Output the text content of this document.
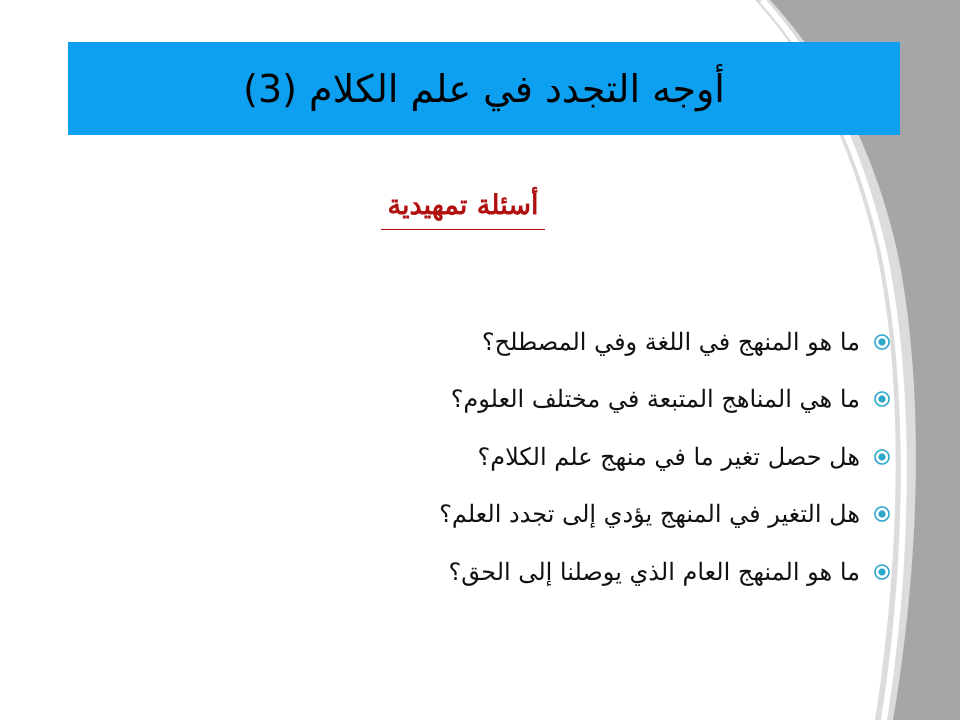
أوجه التجدد في علم الكلام (3)
أسئلة تمهيدية
ما هو المنهج في اللغة وفي المصطلح؟
ما هي المناهج المتبعة في مختلف العلوم؟
هل حصل تغير ما في منهج علم الكلام؟
هل التغير في المنهج يؤدي إلى تجدد العلم؟
ما هو المنهج العام الذي يوصلنا إلى الحق؟
